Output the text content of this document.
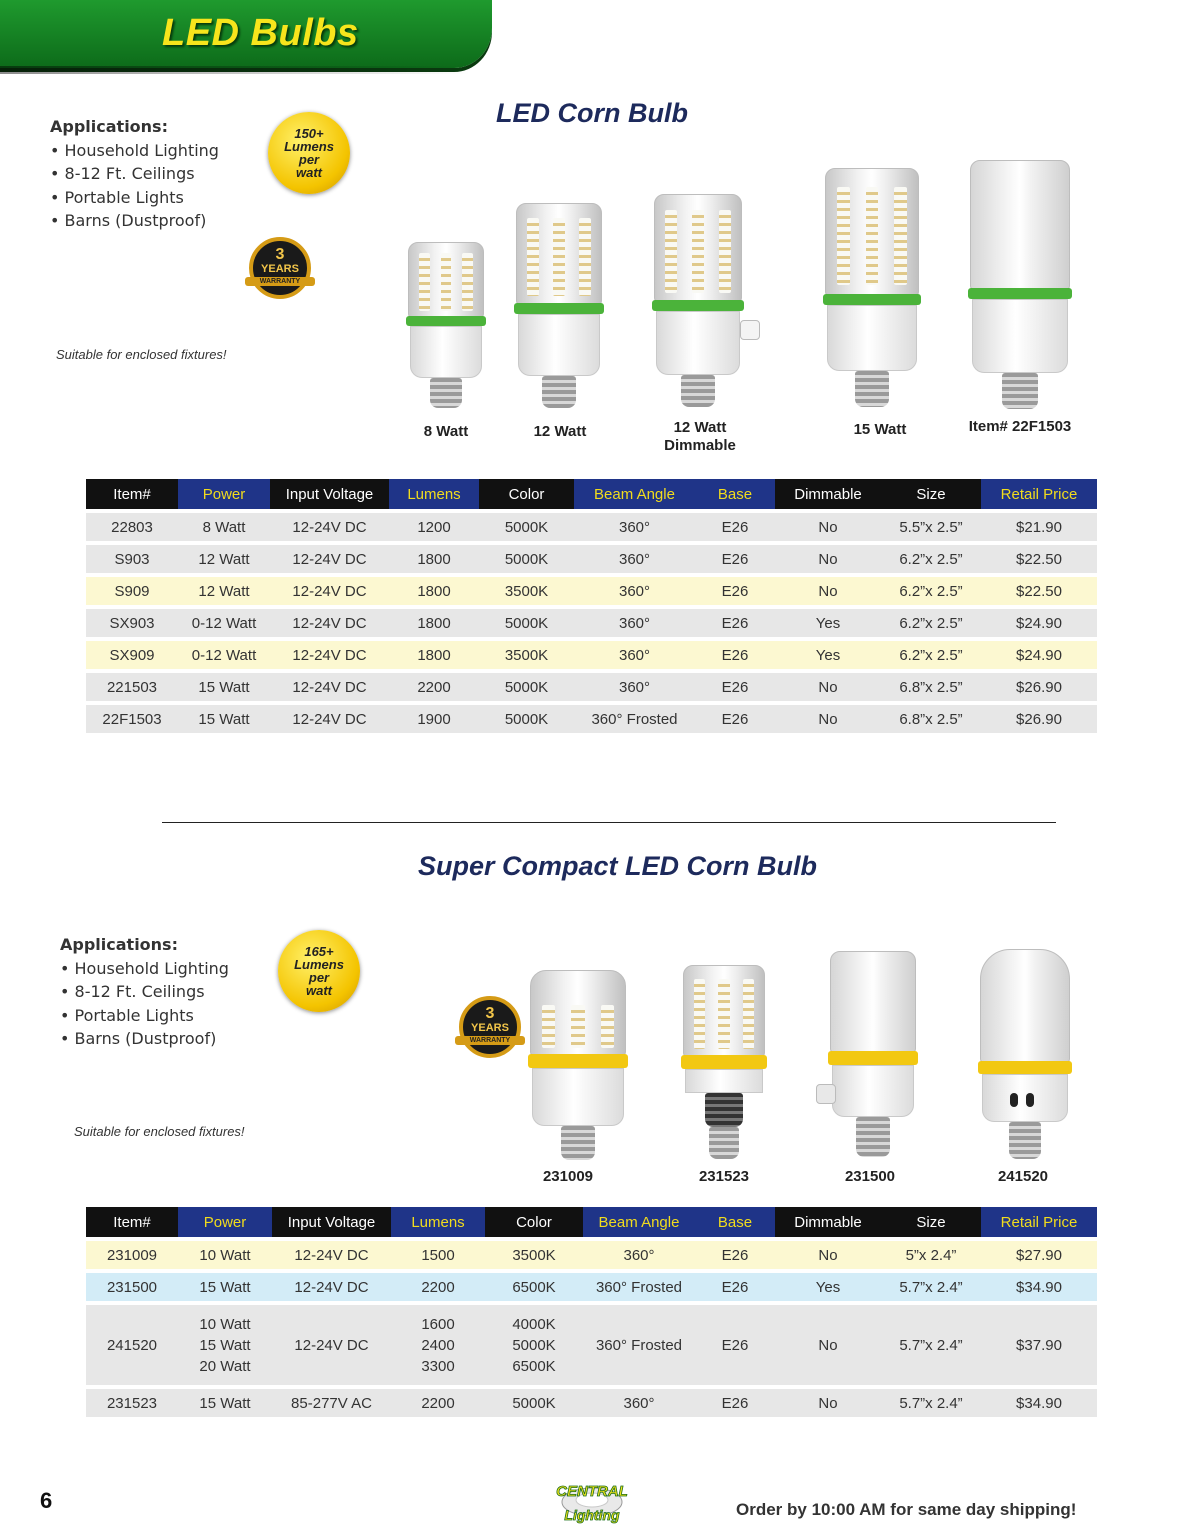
LED Bulbs
LED Corn Bulb
Applications:
• Household Lighting
• 8-12 Ft. Ceilings
• Portable Lights
• Barns (Dustproof)
150+
Lumens
per
watt
3
YEARS
WARRANTY
Suitable for enclosed fixtures!
8 Watt	12 Watt	12 Watt
Dimmable
15 Watt	Item# 22F1503
Item#	Power	Input Voltage	Lumens	Color	Beam Angle	Base	Dimmable	Size	Retail Price
22803	8 Watt	12-24V DC	1200	5000K	360°	E26	No	5.5”x 2.5”	$21.90
S903	12 Watt	12-24V DC	1800	5000K	360°	E26	No	6.2”x 2.5”	$22.50
S909	12 Watt	12-24V DC	1800	3500K	360°	E26	No	6.2”x 2.5”	$22.50
SX903	0-12 Watt	12-24V DC	1800	5000K	360°	E26	Yes	6.2”x 2.5”	$24.90
SX909	0-12 Watt	12-24V DC	1800	3500K	360°	E26	Yes	6.2”x 2.5”	$24.90
221503	15 Watt	12-24V DC	2200	5000K	360°	E26	No	6.8”x 2.5”	$26.90
22F1503	15 Watt	12-24V DC	1900	5000K	360° Frosted	E26	No	6.8”x 2.5”	$26.90
Super Compact LED Corn Bulb
Applications:
• Household Lighting
• 8-12 Ft. Ceilings
• Portable Lights
• Barns (Dustproof)
165+
Lumens
per
watt
3
YEARS
WARRANTY
Suitable for enclosed fixtures!
231009	231523	231500	241520
Item#	Power	Input Voltage	Lumens	Color	Beam Angle	Base	Dimmable	Size	Retail Price
231009	10 Watt	12-24V DC	1500	3500K	360°	E26	No	5”x 2.4”	$27.90
231500	15 Watt	12-24V DC	2200	6500K	360° Frosted	E26	Yes	5.7”x 2.4”	$34.90
241520	10 Watt
15 Watt
20 Watt	12-24V DC	1600
2400
3300	4000K
5000K
6500K	360° Frosted	E26	No	5.7”x 2.4”	$37.90
231523	15 Watt	85-277V AC	2200	5000K	360°	E26	No	5.7”x 2.4”	$34.90
6	CENTRAL
Lighting	Order by 10:00 AM for same day shipping!
